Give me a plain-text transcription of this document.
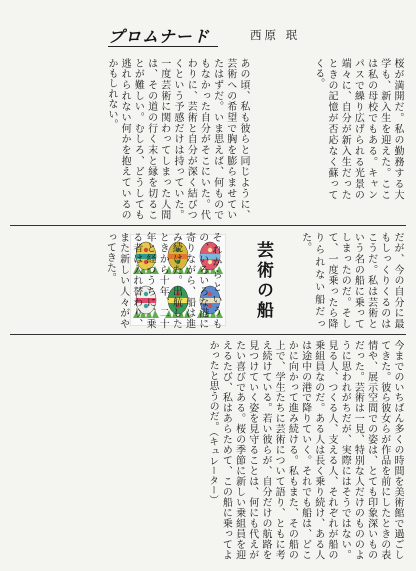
プロムナード	西原 珉
桜が満開だ。私の勤務する大学も、新入生を迎えた。ここは私の母校でもある。キャンパスで繰り広げられる光景の端々に、自分が新入生だったときの記憶が否応なく蘇ってくる。
あの頃、私も彼らと同じように、芸術への希望で胸を膨らませていたはずだ。いま思えば、何ものでもなかった自分がそこにいた。代わりに、芸術と自分が深く結びつくという予感だけは持っていた。一度芸術に関わってしまった人間は、その道の行く末と縁を切ることが難しい。むしろ、どうしても逃れられない何かを抱えているのかもしれない。
だが、今の自分に最もしっくりくるのはこうだ。私は芸術という名の船に乗ってしまったのだ。そして、一度乗ったら降りられない船だった。
芸術の船
それからというもの、いろいろな港に寄りながら、船は進み続けた。出航したときから十年、二十年と経つうちに、乗る者は入れ替わり、また新しい人々がやってきた。
今までのいちばん多くの時間を美術館で過ごしてきた。彼ら彼女らが作品を前にしたときの表情や、展示空間での姿は、とても印象深いものだった。芸術は一見、特別な人だけのもののように思われがちだが、実際にはそうではない。見る人、つくる人、支える人、それぞれが船の乗組員なのだ。ある人は長く乗り続け、ある人は途中の港で降りていく。それでも船は、どこかに向かって進み続ける。私もまた、その船の上で、学生たちに芸術について語り、ともに考え続けている。若い彼らが、自分だけの航路を見つけていく姿を見守ることは、何にも代えがたい喜びである。桜の季節に新しい乗組員を迎えるたび、私はあらためて、この船に乗ってよかったと思うのだ。（キュレーター）
